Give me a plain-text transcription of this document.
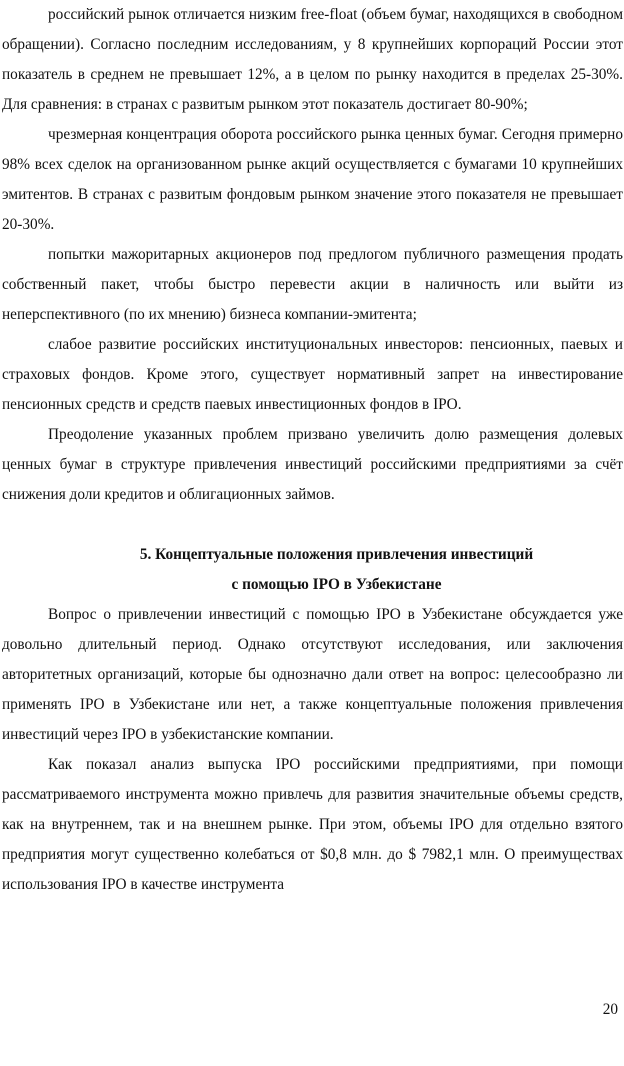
российский рынок отличается низким free-float (объем бумаг, находящихся в свободном обращении). Согласно последним исследованиям, у 8 крупнейших корпораций России этот показатель в среднем не превышает 12%, а в целом по рынку находится в пределах 25-30%. Для сравнения: в странах с развитым рынком этот показатель достигает 80-90%;

чрезмерная концентрация оборота российского рынка ценных бумаг. Сегодня примерно 98% всех сделок на организованном рынке акций осуществляется с бумагами 10 крупнейших эмитентов. В странах с развитым фондовым рынком значение этого показателя не превышает 20-30%.

попытки мажоритарных акционеров под предлогом публичного размещения продать собственный пакет, чтобы быстро перевести акции в наличность или выйти из неперспективного (по их мнению) бизнеса компании-эмитента;

слабое развитие российских институциональных инвесторов: пенсионных, паевых и страховых фондов. Кроме этого, существует нормативный запрет на инвестирование пенсионных средств и средств паевых инвестиционных фондов в IPO.

Преодоление указанных проблем призвано увеличить долю размещения долевых ценных бумаг в структуре привлечения инвестиций российскими предприятиями за счёт снижения доли кредитов и облигационных займов.

5. Концептуальные положения привлечения инвестиций
с помощью IPO в Узбекистане

Вопрос о привлечении инвестиций с помощью IPO в Узбекистане обсуждается уже довольно длительный период. Однако отсутствуют исследования, или заключения авторитетных организаций, которые бы однозначно дали ответ на вопрос: целесообразно ли применять IPO в Узбекистане или нет, а также концептуальные положения привлечения инвестиций через IPO в узбекистанские компании.

Как показал анализ выпуска IPO российскими предприятиями, при помощи рассматриваемого инструмента можно привлечь для развития значительные объемы средств, как на внутреннем, так и на внешнем рынке. При этом, объемы IPO для отдельно взятого предприятия могут существенно колебаться от $0,8 млн. до $ 7982,1 млн. О преимуществах использования IPO в качестве инструмента

20
